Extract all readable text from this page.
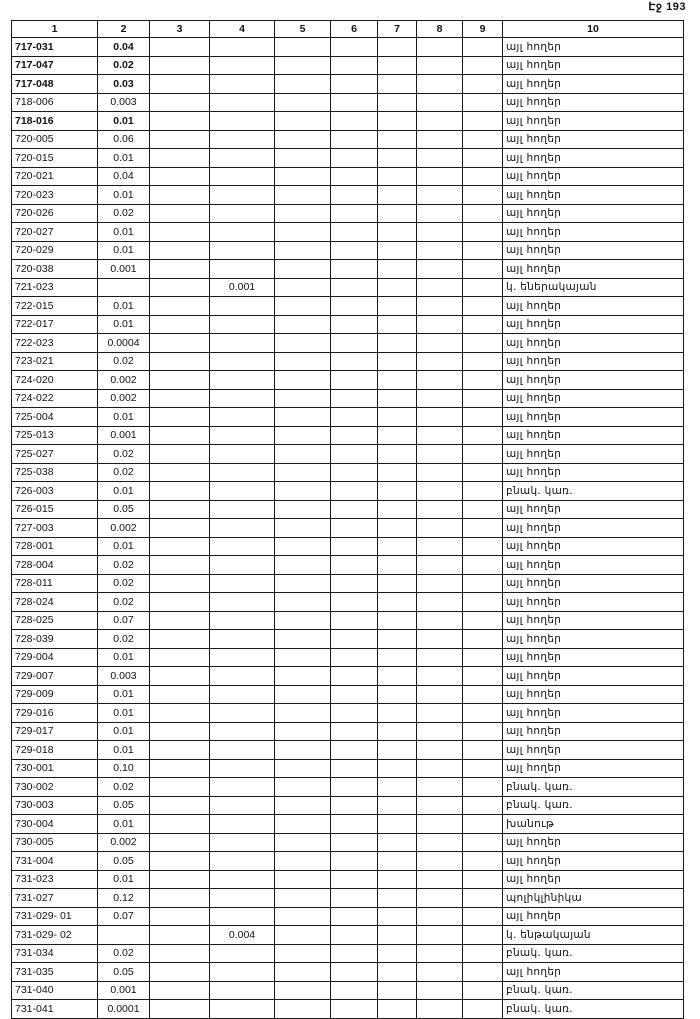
Էջ 193
1	2	3	4	5	6	7	8	9	10
717-031	0.04								այլ հողեր
717-047	0.02								այլ հողեր
717-048	0.03								այլ հողեր
718-006	0.003								այլ հողեր
718-016	0.01								այլ հողեր
720-005	0.06								այլ հողեր
720-015	0.01								այլ հողեր
720-021	0.04								այլ հողեր
720-023	0.01								այլ հողեր
720-026	0.02								այլ հողեր
720-027	0.01								այլ հողեր
720-029	0.01								այլ հողեր
720-038	0.001								այլ հողեր
721-023			0.001						կ. եներակայան
722-015	0.01								այլ հողեր
722-017	0.01								այլ հողեր
722-023	0.0004								այլ հողեր
723-021	0.02								այլ հողեր
724-020	0.002								այլ հողեր
724-022	0.002								այլ հողեր
725-004	0.01								այլ հողեր
725-013	0.001								այլ հողեր
725-027	0.02								այլ հողեր
725-038	0.02								այլ հողեր
726-003	0.01								բնակ. կառ.
726-015	0.05								այլ հողեր
727-003	0.002								այլ հողեր
728-001	0.01								այլ հողեր
728-004	0.02								այլ հողեր
728-011	0.02								այլ հողեր
728-024	0.02								այլ հողեր
728-025	0.07								այլ հողեր
728-039	0.02								այլ հողեր
729-004	0.01								այլ հողեր
729-007	0.003								այլ հողեր
729-009	0.01								այլ հողեր
729-016	0.01								այլ հողեր
729-017	0.01								այլ հողեր
729-018	0.01								այլ հողեր
730-001	0.10								այլ հողեր
730-002	0.02								բնակ. կառ.
730-003	0.05								բնակ. կառ.
730-004	0.01								խանութ
730-005	0.002								այլ հողեր
731-004	0.05								այլ հողեր
731-023	0.01								այլ հողեր
731-027	0.12								պոլիկլինիկա
731-029- 01	0.07								այլ հողեր
731-029- 02			0.004						կ. ենթակայան
731-034	0.02								բնակ. կառ.
731-035	0.05								այլ հողեր
731-040	0.001								բնակ. կառ.
731-041	0.0001								բնակ. կառ.
